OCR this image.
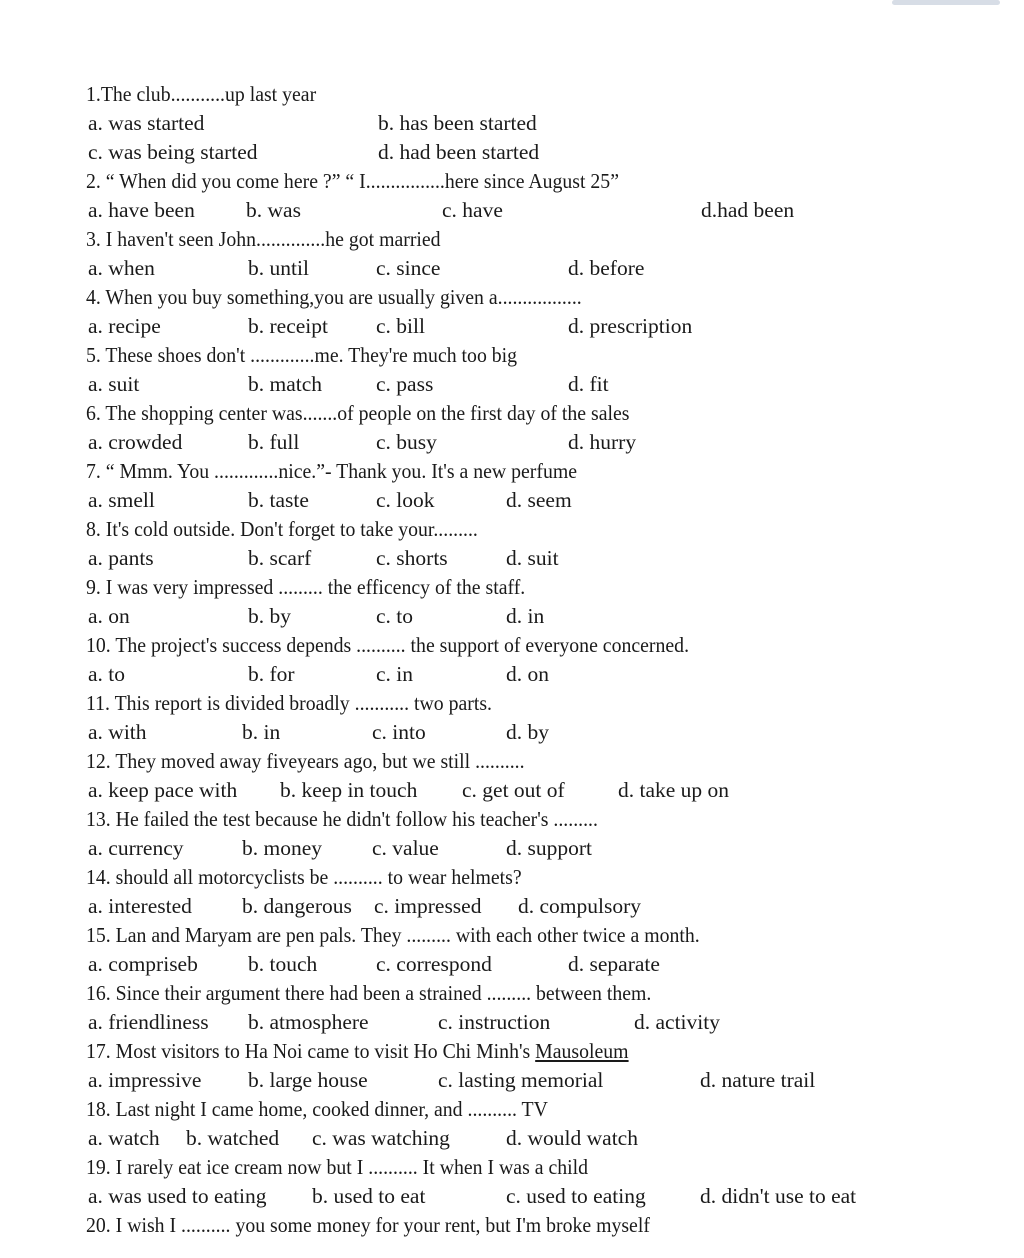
1.The club...........up last year
a. was started	b. has been started
c. was being started	d. had been started
2. “ When did you come here ?” “ I................here since August 25”
a. have been b. was	c. have	d.had been
3. I haven't seen John..............he got married
a. when	b. until	c. since	d. before
4. When you buy something,you are usually given a.................
a. recipe	b. receipt c. bill	d. prescription
5. These shoes don't .............me. They're much too big
a. suit	b. match	c. pass	d. fit
6. The shopping center was.......of people on the first day of the sales
a. crowded	b. full	c. busy	d. hurry
7. “ Mmm. You .............nice.”- Thank you. It's a new perfume
a. smell	b. taste	c. look	d. seem
8. It's cold outside. Don't forget to take your.........
a. pants	b. scarf	c. shorts	d. suit
9. I was very impressed ......... the efficency of the staff.
a. on	b. by	c. to	d. in
10. The project's success depends .......... the support of everyone concerned.
a. to	b. for	c. in	d. on
11. This report is divided broadly ........... two parts.
a. with	b. in	c. into	d. by
12. They moved away fiveyears ago, but we still ..........
a. keep pace with b. keep in touch c. get out of d. take up on
13. He failed the test because he didn't follow his teacher's .........
a. currency	b. money c. value	d. support
14. should all motorcyclists be .......... to wear helmets?
a. interested b. dangerous c. impressed d. compulsory
15. Lan and Maryam are pen pals. They ......... with each other twice a month.
a. compriseb b. touch	c. correspond	d. separate
16. Since their argument there had been a strained ......... between them.
a. friendliness b. atmosphere	c. instruction	d. activity
17. Most visitors to Ha Noi came to visit Ho Chi Minh's Mausoleum
a. impressive b. large house	c. lasting memorial	d. nature trail
18. Last night I came home, cooked dinner, and .......... TV
a. watch b. watched c. was watching	d. would watch
19. I rarely eat ice cream now but I .......... It when I was a child
a. was used to eating b. used to eat	c. used to eating	d. didn't use to eat
20. I wish I .......... you some money for your rent, but I'm broke myself
